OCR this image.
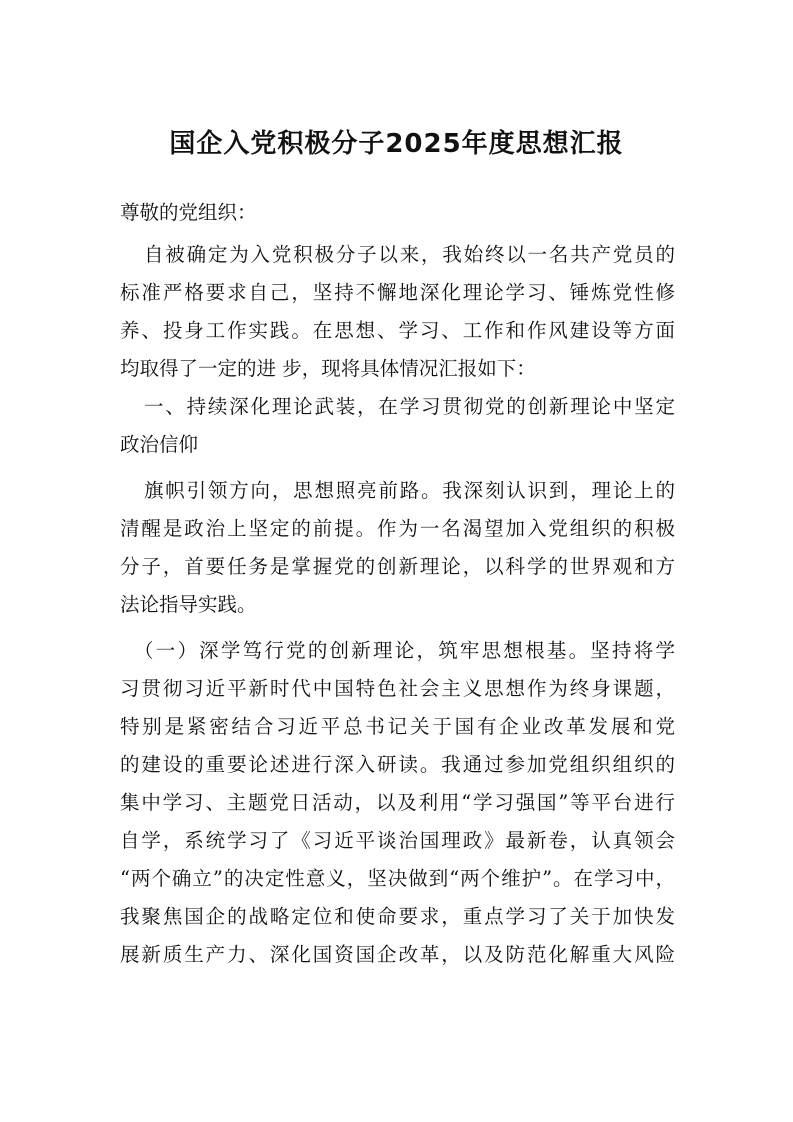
国企入党积极分子2025年度思想汇报
尊敬的党组织：
自被确定为入党积极分子以来，我始终以一名共产党员的
标准严格要求自己，坚持不懈地深化理论学习、锤炼党性修
养、投身工作实践。在思想、学习、工作和作风建设等方面
均取得了一定的进 步，现将具体情况汇报如下：
一、持续深化理论武装，在学习贯彻党的创新理论中坚定
政治信仰
旗帜引领方向，思想照亮前路。我深刻认识到，理论上的
清醒是政治上坚定的前提。作为一名渴望加入党组织的积极
分子，首要任务是掌握党的创新理论，以科学的世界观和方
法论指导实践。
（一）深学笃行党的创新理论，筑牢思想根基。坚持将学
习贯彻习近平新时代中国特色社会主义思想作为终身课题，
特别是紧密结合习近平总书记关于国有企业改革发展和党
的建设的重要论述进行深入研读。我通过参加党组织组织的
集中学习、主题党日活动，以及利用“学习强国”等平台进行
自学，系统学习了《习近平谈治国理政》最新卷，认真领会
“两个确立”的决定性意义，坚决做到“两个维护”。在学习中，
我聚焦国企的战略定位和使命要求，重点学习了关于加快发
展新质生产力、深化国资国企改革，以及防范化解重大风险
